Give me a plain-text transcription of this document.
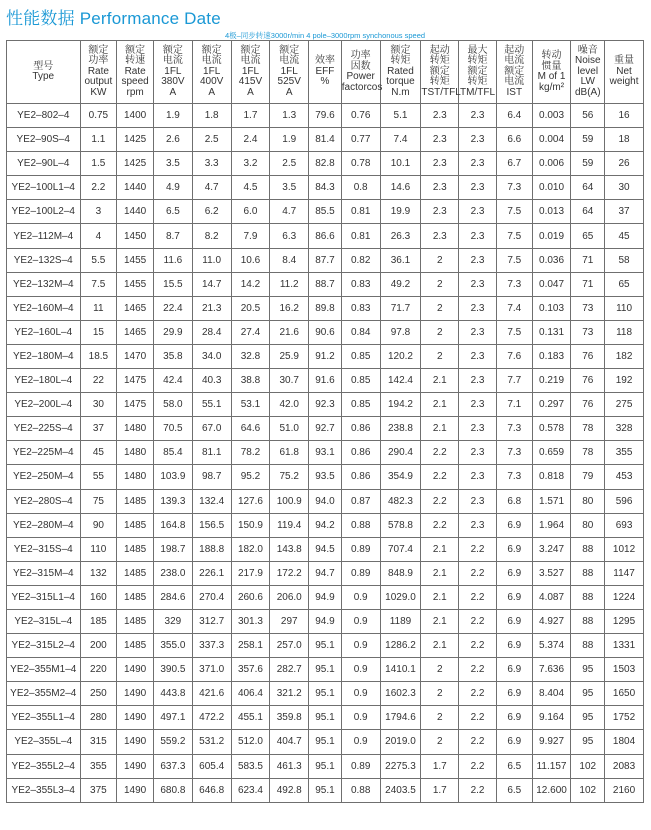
性能数据 Performance Date
4极–同步转速3000r/min 4 pole–3000rpm synchonous speed
型号
Type	额定
功率
Rate
output
KW	额定
转速
Rate
speed
rpm	额定
电流
1FL
380V
A	额定
电流
1FL
400V
A	额定
电流
1FL
415V
A	额定
电流
1FL
525V
A	效率
EFF
%	功率
因数
Power
factorcos	额定
转矩
Rated
torque
N.m	起动
转矩
额定
转矩
TST/TFL	最大
转矩
额定
转矩
TM/TFL	起动
电流
额定
电流
IST	转动
惯量
M of 1
kg/m²	噪音
Noise
level
LW
dB(A)	重量
Net
weight

YE2–802–4	0.75	1400	1.9	1.8	1.7	1.3	79.6	0.76	5.1	2.3	2.3	6.4	0.003	56	16
YE2–90S–4	1.1	1425	2.6	2.5	2.4	1.9	81.4	0.77	7.4	2.3	2.3	6.6	0.004	59	18
YE2–90L–4	1.5	1425	3.5	3.3	3.2	2.5	82.8	0.78	10.1	2.3	2.3	6.7	0.006	59	26
YE2–100L1–4	2.2	1440	4.9	4.7	4.5	3.5	84.3	0.8	14.6	2.3	2.3	7.3	0.010	64	30
YE2–100L2–4	3	1440	6.5	6.2	6.0	4.7	85.5	0.81	19.9	2.3	2.3	7.5	0.013	64	37
YE2–112M–4	4	1450	8.7	8.2	7.9	6.3	86.6	0.81	26.3	2.3	2.3	7.5	0.019	65	45
YE2–132S–4	5.5	1455	11.6	11.0	10.6	8.4	87.7	0.82	36.1	2	2.3	7.5	0.036	71	58
YE2–132M–4	7.5	1455	15.5	14.7	14.2	11.2	88.7	0.83	49.2	2	2.3	7.3	0.047	71	65
YE2–160M–4	11	1465	22.4	21.3	20.5	16.2	89.8	0.83	71.7	2	2.3	7.4	0.103	73	110
YE2–160L–4	15	1465	29.9	28.4	27.4	21.6	90.6	0.84	97.8	2	2.3	7.5	0.131	73	118
YE2–180M–4	18.5	1470	35.8	34.0	32.8	25.9	91.2	0.85	120.2	2	2.3	7.6	0.183	76	182
YE2–180L–4	22	1475	42.4	40.3	38.8	30.7	91.6	0.85	142.4	2.1	2.3	7.7	0.219	76	192
YE2–200L–4	30	1475	58.0	55.1	53.1	42.0	92.3	0.85	194.2	2.1	2.3	7.1	0.297	76	275
YE2–225S–4	37	1480	70.5	67.0	64.6	51.0	92.7	0.86	238.8	2.1	2.3	7.3	0.578	78	328
YE2–225M–4	45	1480	85.4	81.1	78.2	61.8	93.1	0.86	290.4	2.2	2.3	7.3	0.659	78	355
YE2–250M–4	55	1480	103.9	98.7	95.2	75.2	93.5	0.86	354.9	2.2	2.3	7.3	0.818	79	453
YE2–280S–4	75	1485	139.3	132.4	127.6	100.9	94.0	0.87	482.3	2.2	2.3	6.8	1.571	80	596
YE2–280M–4	90	1485	164.8	156.5	150.9	119.4	94.2	0.88	578.8	2.2	2.3	6.9	1.964	80	693
YE2–315S–4	110	1485	198.7	188.8	182.0	143.8	94.5	0.89	707.4	2.1	2.2	6.9	3.247	88	1012
YE2–315M–4	132	1485	238.0	226.1	217.9	172.2	94.7	0.89	848.9	2.1	2.2	6.9	3.527	88	1147
YE2–315L1–4	160	1485	284.6	270.4	260.6	206.0	94.9	0.9	1029.0	2.1	2.2	6.9	4.087	88	1224
YE2–315L–4	185	1485	329	312.7	301.3	297	94.9	0.9	1189	2.1	2.2	6.9	4.927	88	1295
YE2–315L2–4	200	1485	355.0	337.3	258.1	257.0	95.1	0.9	1286.2	2.1	2.2	6.9	5.374	88	1331
YE2–355M1–4	220	1490	390.5	371.0	357.6	282.7	95.1	0.9	1410.1	2	2.2	6.9	7.636	95	1503
YE2–355M2–4	250	1490	443.8	421.6	406.4	321.2	95.1	0.9	1602.3	2	2.2	6.9	8.404	95	1650
YE2–355L1–4	280	1490	497.1	472.2	455.1	359.8	95.1	0.9	1794.6	2	2.2	6.9	9.164	95	1752
YE2–355L–4	315	1490	559.2	531.2	512.0	404.7	95.1	0.9	2019.0	2	2.2	6.9	9.927	95	1804
YE2–355L2–4	355	1490	637.3	605.4	583.5	461.3	95.1	0.89	2275.3	1.7	2.2	6.5	11.157	102	2083
YE2–355L3–4	375	1490	680.8	646.8	623.4	492.8	95.1	0.88	2403.5	1.7	2.2	6.5	12.600	102	2160
